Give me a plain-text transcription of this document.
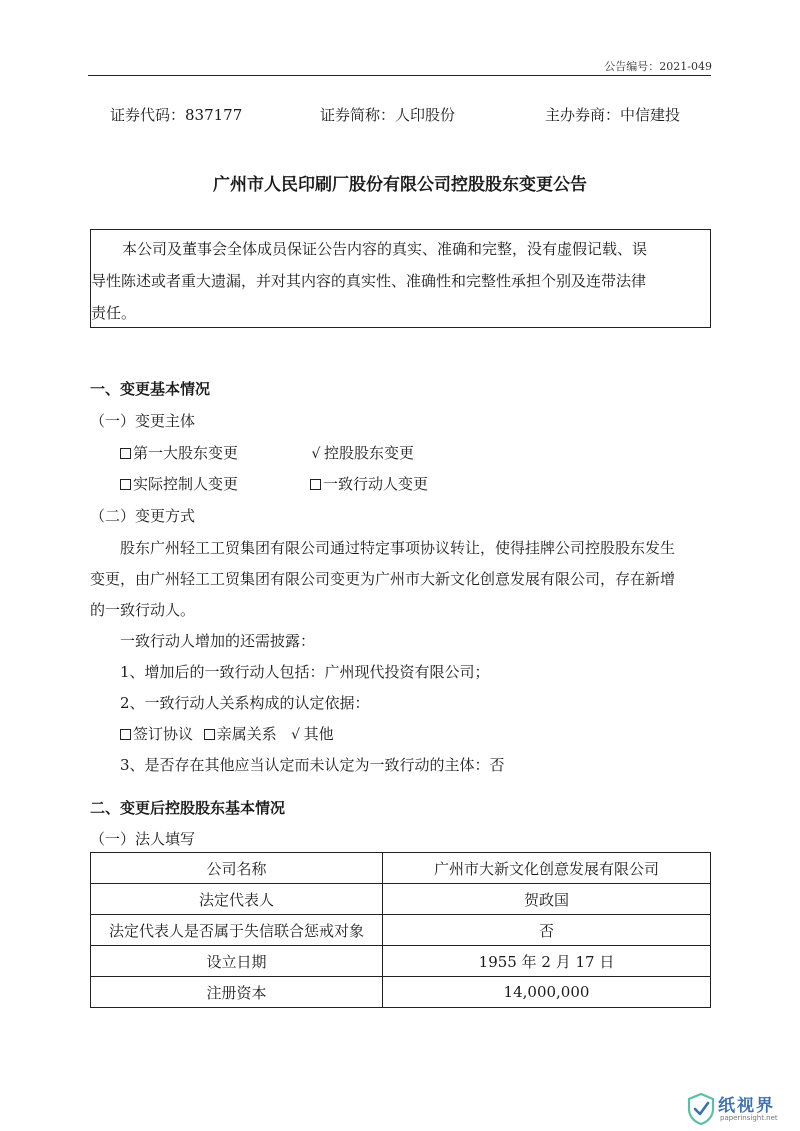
公告编号：2021-049
证券代码：837177	证券简称：人印股份	主办券商：中信建投
广州市人民印刷厂股份有限公司控股股东变更公告
本公司及董事会全体成员保证公告内容的真实、准确和完整，没有虚假记载、误
导性陈述或者重大遗漏，并对其内容的真实性、准确性和完整性承担个别及连带法律
责任。
一、变更基本情况
（一）变更主体
第一大股东变更	√ 控股股东变更
实际控制人变更	一致行动人变更
（二）变更方式
股东广州轻工工贸集团有限公司通过特定事项协议转让，使得挂牌公司控股股东发生
变更，由广州轻工工贸集团有限公司变更为广州市大新文化创意发展有限公司，存在新增
的一致行动人。
一致行动人增加的还需披露：
1、增加后的一致行动人包括：广州现代投资有限公司；
2、一致行动人关系构成的认定依据：
签订协议 亲属关系 √ 其他
3、是否存在其他应当认定而未认定为一致行动的主体：否
二、变更后控股股东基本情况
（一）法人填写
公司名称	广州市大新文化创意发展有限公司
法定代表人	贺政国
法定代表人是否属于失信联合惩戒对象	否
设立日期	1955 年 2 月 17 日
注册资本	14,000,000
纸视界
paperinsight.net
